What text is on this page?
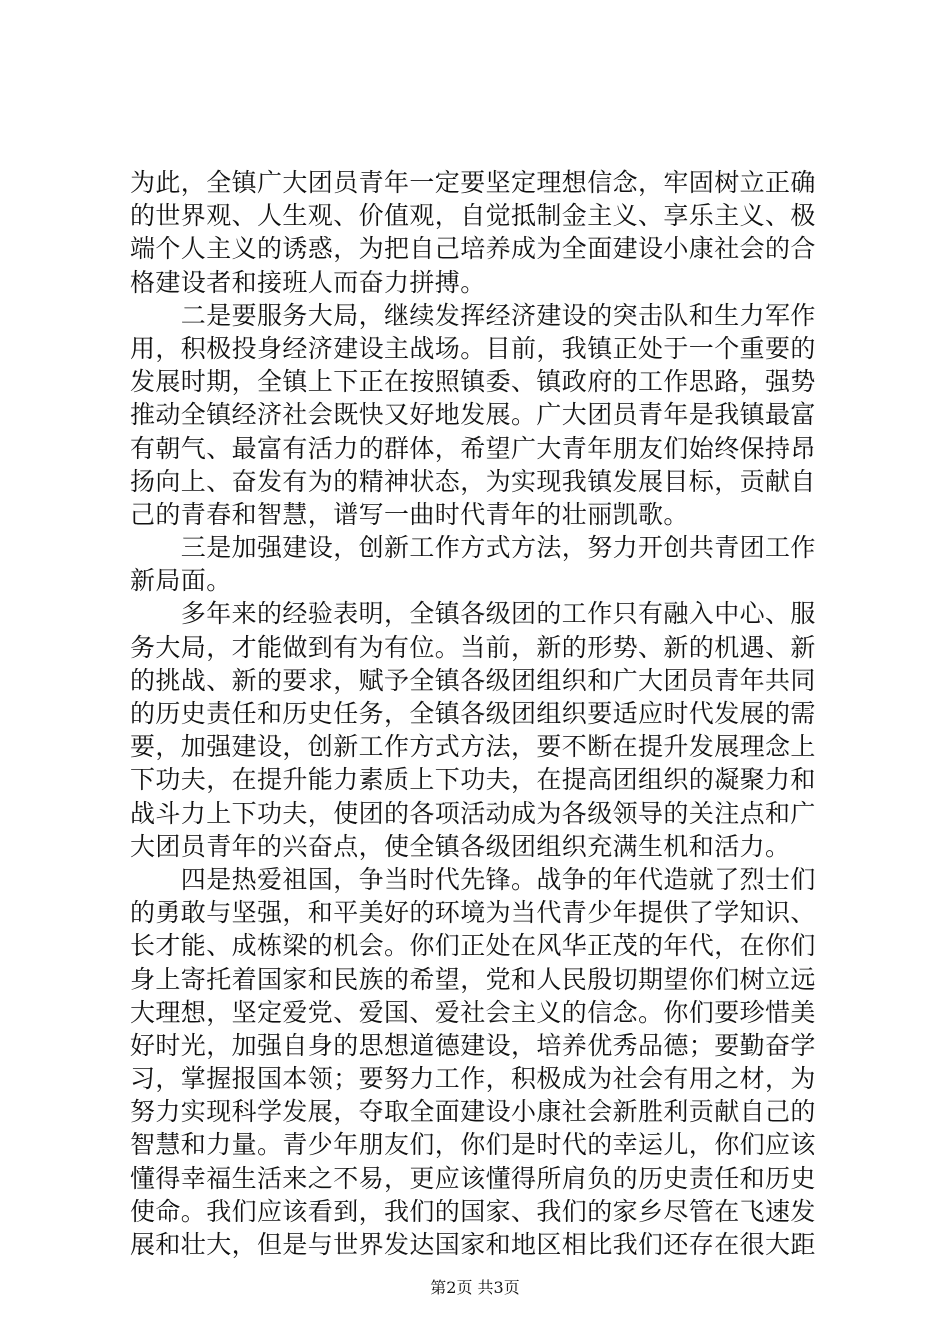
为此，全镇广大团员青年一定要坚定理想信念，牢固树立正确
的世界观、人生观、价值观，自觉抵制金主义、享乐主义、极
端个人主义的诱惑，为把自己培养成为全面建设小康社会的合
格建设者和接班人而奋力拼搏。
　　二是要服务大局，继续发挥经济建设的突击队和生力军作
用，积极投身经济建设主战场。目前，我镇正处于一个重要的
发展时期，全镇上下正在按照镇委、镇政府的工作思路，强势
推动全镇经济社会既快又好地发展。广大团员青年是我镇最富
有朝气、最富有活力的群体，希望广大青年朋友们始终保持昂
扬向上、奋发有为的精神状态，为实现我镇发展目标，贡献自
己的青春和智慧，谱写一曲时代青年的壮丽凯歌。
　　三是加强建设，创新工作方式方法，努力开创共青团工作
新局面。
　　多年来的经验表明，全镇各级团的工作只有融入中心、服
务大局，才能做到有为有位。当前，新的形势、新的机遇、新
的挑战、新的要求，赋予全镇各级团组织和广大团员青年共同
的历史责任和历史任务，全镇各级团组织要适应时代发展的需
要，加强建设，创新工作方式方法，要不断在提升发展理念上
下功夫，在提升能力素质上下功夫，在提高团组织的凝聚力和
战斗力上下功夫，使团的各项活动成为各级领导的关注点和广
大团员青年的兴奋点，使全镇各级团组织充满生机和活力。
　　四是热爱祖国，争当时代先锋。战争的年代造就了烈士们
的勇敢与坚强，和平美好的环境为当代青少年提供了学知识、
长才能、成栋梁的机会。你们正处在风华正茂的年代，在你们
身上寄托着国家和民族的希望，党和人民殷切期望你们树立远
大理想，坚定爱党、爱国、爱社会主义的信念。你们要珍惜美
好时光，加强自身的思想道德建设，培养优秀品德；要勤奋学
习，掌握报国本领；要努力工作，积极成为社会有用之材，为
努力实现科学发展，夺取全面建设小康社会新胜利贡献自己的
智慧和力量。青少年朋友们，你们是时代的幸运儿，你们应该
懂得幸福生活来之不易，更应该懂得所肩负的历史责任和历史
使命。我们应该看到，我们的国家、我们的家乡尽管在飞速发
展和壮大，但是与世界发达国家和地区相比我们还存在很大距
第2页 共3页
